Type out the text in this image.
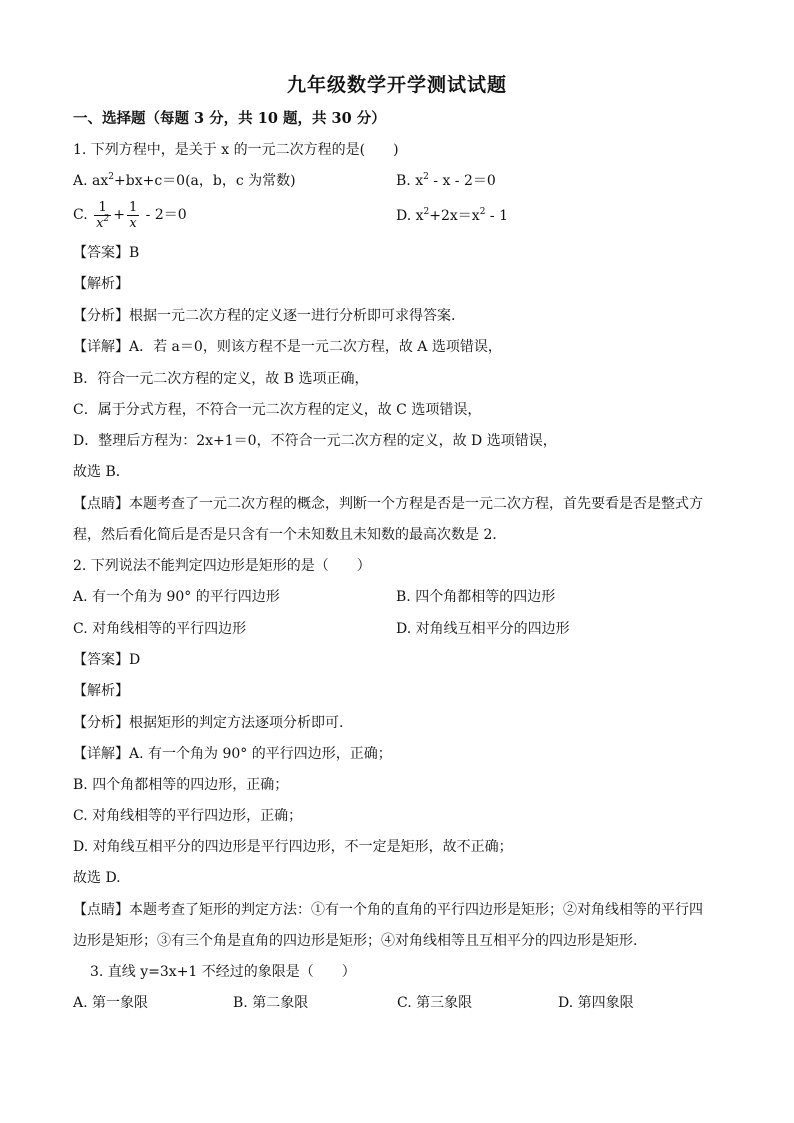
九年级数学开学测试试题
一、选择题（每题 3 分，共 10 题，共 30 分）
1. 下列方程中，是关于 x 的一元二次方程的是(　　)
A. $ax^2+bx+c=0(a$，b，c 为常数)	B. $x^2 - x - 2=0$
C. $\frac{1}{x^2} + \frac{1}{x} - 2=0$	D. $x^2+2x=x^2 - 1$
【答案】B
【解析】
【分析】根据一元二次方程的定义逐一进行分析即可求得答案.
【详解】A．若 a＝0，则该方程不是一元二次方程，故 A 选项错误，
B．符合一元二次方程的定义，故 B 选项正确，
C．属于分式方程，不符合一元二次方程的定义，故 C 选项错误，
D．整理后方程为：2x+1＝0，不符合一元二次方程的定义，故 D 选项错误，
故选 B．
【点睛】本题考查了一元二次方程的概念，判断一个方程是否是一元二次方程，首先要看是否是整式方
程，然后看化简后是否是只含有一个未知数且未知数的最高次数是 2．
2. 下列说法不能判定四边形是矩形的是（　　）
A. 有一个角为 90° 的平行四边形	B. 四个角都相等的四边形
C. 对角线相等的平行四边形	D. 对角线互相平分的四边形
【答案】D
【解析】
【分析】根据矩形的判定方法逐项分析即可.
【详解】A. 有一个角为 90° 的平行四边形，正确；
B. 四个角都相等的四边形，正确；
C. 对角线相等的平行四边形，正确；
D. 对角线互相平分的四边形是平行四边形，不一定是矩形，故不正确；
故选 D.
【点睛】本题考查了矩形的判定方法：①有一个角的直角的平行四边形是矩形；②对角线相等的平行四
边形是矩形；③有三个角是直角的四边形是矩形；④对角线相等且互相平分的四边形是矩形.
3. 直线 y=3x+1 不经过的象限是（　　）
A. 第一象限	B. 第二象限	C. 第三象限	D. 第四象限
